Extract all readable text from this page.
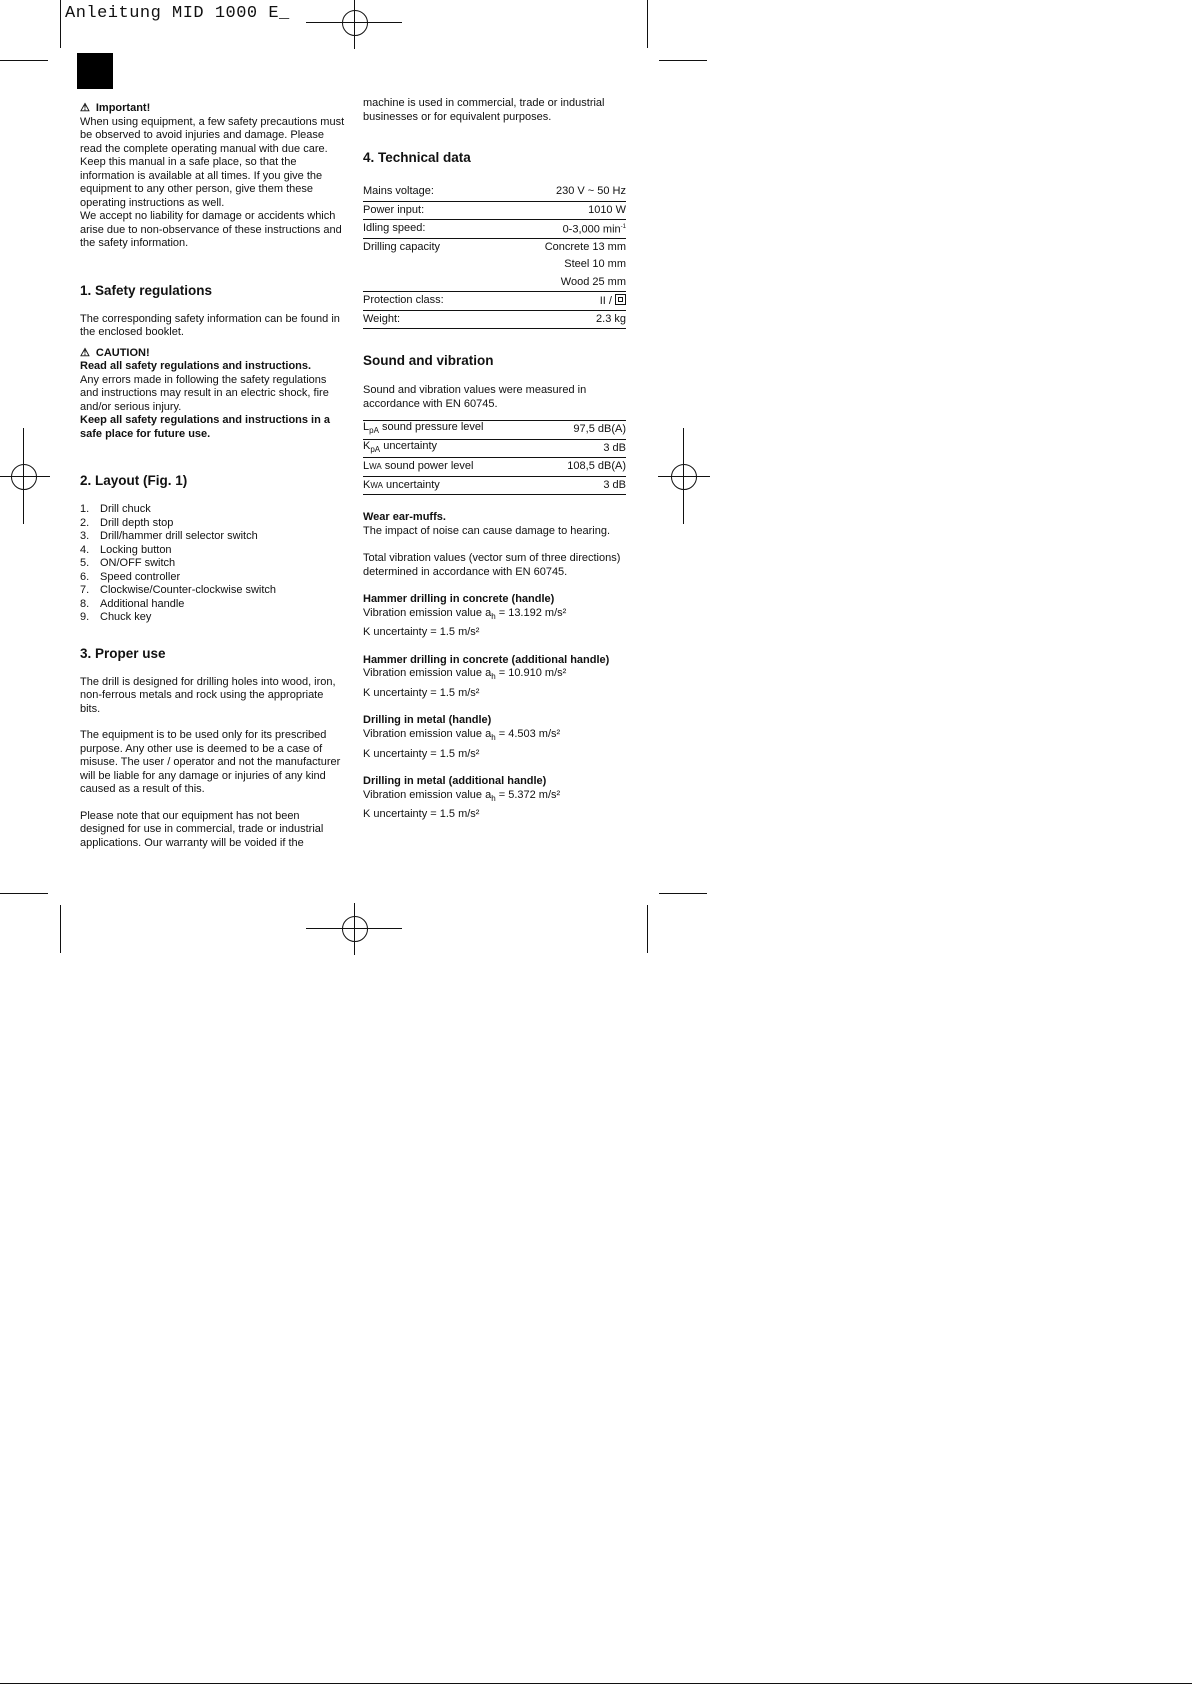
Anleitung MID 1000 E_

⚠ Important!

When using equipment, a few safety precautions must be observed to avoid injuries and damage. Please read the complete operating manual with due care. Keep this manual in a safe place, so that the information is available at all times. If you give the equipment to any other person, give them these operating instructions as well.

We accept no liability for damage or accidents which arise due to non-observance of these instructions and the safety information.

1. Safety regulations

The corresponding safety information can be found in the enclosed booklet.

⚠ CAUTION!

Read all safety regulations and instructions.

Any errors made in following the safety regulations and instructions may result in an electric shock, fire and/or serious injury.

Keep all safety regulations and instructions in a safe place for future use.

2. Layout (Fig. 1)
1. Drill chuck
2. Drill depth stop
3. Drill/hammer drill selector switch
4. Locking button
5. ON/OFF switch
6. Speed controller
7. Clockwise/Counter-clockwise switch
8. Additional handle
9. Chuck key
3. Proper use

The drill is designed for drilling holes into wood, iron, non-ferrous metals and rock using the appropriate bits.

The equipment is to be used only for its prescribed purpose. Any other use is deemed to be a case of misuse. The user / operator and not the manufacturer will be liable for any damage or injuries of any kind caused as a result of this.

Please note that our equipment has not been designed for use in commercial, trade or industrial applications. Our warranty will be voided if the

machine is used in commercial, trade or industrial businesses or for equivalent purposes.

4. Technical data
Mains voltage:	230 V ~ 50 Hz
Power input:	1010 W
Idling speed:	0-3,000 $\min^{-1}$
Drilling capacity	Concrete 13 mm
	Steel 10 mm
	Wood 25 mm
Protection class:	II /
Weight:	2.3 kg
Sound and vibration

Sound and vibration values were measured in accordance with EN 60745.

$L_{pA}$ sound pressure level	97,5 dB(A)
$K_{pA}$ uncertainty	3 dB
LWA sound power level	108,5 dB(A)
KWA uncertainty	3 dB

Wear ear-muffs.

The impact of noise can cause damage to hearing.

Total vibration values (vector sum of three directions) determined in accordance with EN 60745.

Hammer drilling in concrete (handle)

Vibration emission value $a_h = 13.192$ m/s²

K uncertainty = 1.5 m/s²

Hammer drilling in concrete (additional handle)

Vibration emission value $a_h = 10.910$ m/s²

K uncertainty = 1.5 m/s²

Drilling in metal (handle)

Vibration emission value $a_h = 4.503$ m/s²

K uncertainty = 1.5 m/s²

Drilling in metal (additional handle)

Vibration emission value $a_h = 5.372$ m/s²

K uncertainty = 1.5 m/s²
